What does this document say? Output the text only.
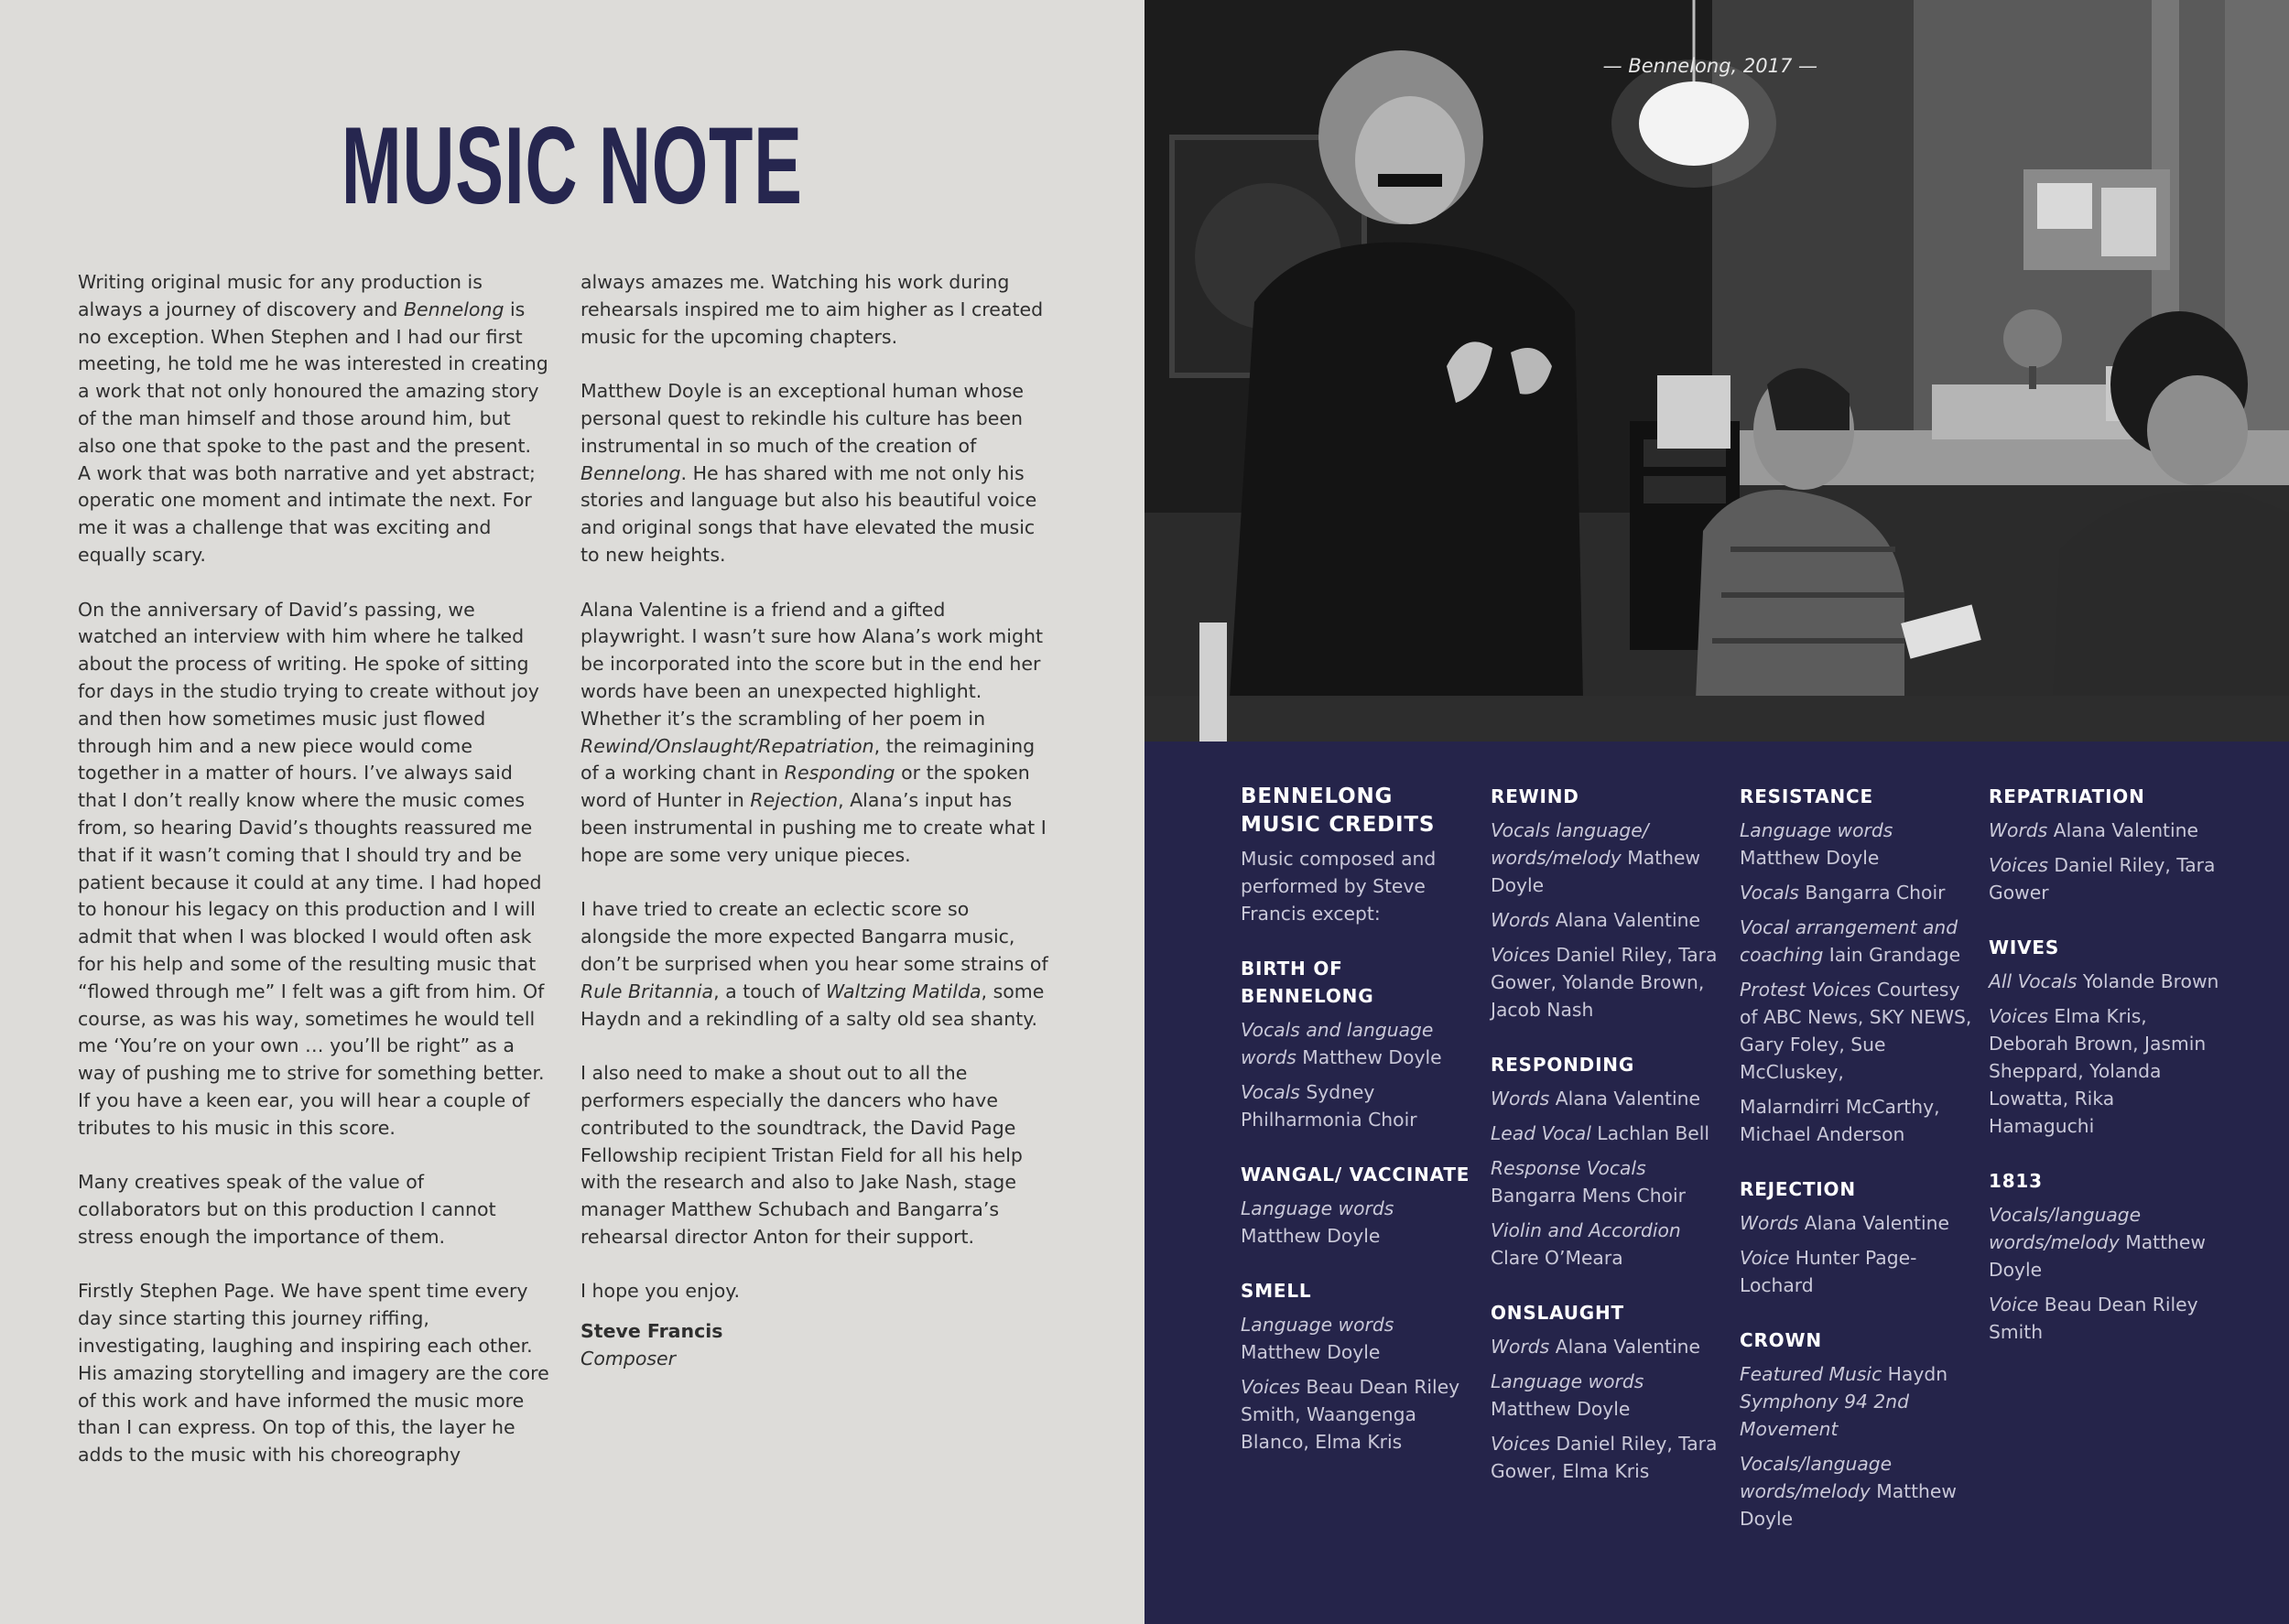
MUSIC NOTE

Writing original music for any production is always a journey of discovery and Bennelong is no exception. When Stephen and I had our first meeting, he told me he was interested in creating a work that not only honoured the amazing story of the man himself and those around him, but also one that spoke to the past and the present. A work that was both narrative and yet abstract; operatic one moment and intimate the next. For me it was a challenge that was exciting and equally scary.

On the anniversary of David’s passing, we watched an interview with him where he talked about the process of writing. He spoke of sitting for days in the studio trying to create without joy and then how sometimes music just flowed through him and a new piece would come together in a matter of hours. I’ve always said that I don’t really know where the music comes from, so hearing David’s thoughts reassured me that if it wasn’t coming that I should try and be patient because it could at any time. I had hoped to honour his legacy on this production and I will admit that when I was blocked I would often ask for his help and some of the resulting music that “flowed through me” I felt was a gift from him. Of course, as was his way, sometimes he would tell me ‘You’re on your own … you’ll be right” as a way of pushing me to strive for something better. If you have a keen ear, you will hear a couple of tributes to his music in this score.

Many creatives speak of the value of collaborators but on this production I cannot stress enough the importance of them.

Firstly Stephen Page. We have spent time every day since starting this journey riffing, investigating, laughing and inspiring each other. His amazing storytelling and imagery are the core of this work and have informed the music more than I can express. On top of this, the layer he adds to the music with his choreography

always amazes me. Watching his work during rehearsals inspired me to aim higher as I created music for the upcoming chapters.

Matthew Doyle is an exceptional human whose personal quest to rekindle his culture has been instrumental in so much of the creation of Bennelong. He has shared with me not only his stories and language but also his beautiful voice and original songs that have elevated the music to new heights.

Alana Valentine is a friend and a gifted playwright. I wasn’t sure how Alana’s work might be incorporated into the score but in the end her words have been an unexpected highlight. Whether it’s the scrambling of her poem in Rewind/Onslaught/Repatriation, the reimagining of a working chant in Responding or the spoken word of Hunter in Rejection, Alana’s input has been instrumental in pushing me to create what I hope are some very unique pieces.

I have tried to create an eclectic score so alongside the more expected Bangarra music, don’t be surprised when you hear some strains of Rule Britannia, a touch of Waltzing Matilda, some Haydn and a rekindling of a salty old sea shanty.

I also need to make a shout out to all the performers especially the dancers who have contributed to the soundtrack, the David Page Fellowship recipient Tristan Field for all his help with the research and also to Jake Nash, stage manager Matthew Schubach and Bangarra’s rehearsal director Anton for their support.

I hope you enjoy.

Steve Francis
Composer
— Bennelong, 2017 —
BENNELONG MUSIC CREDITS
Music composed and performed by Steve Francis except:
BIRTH OF BENNELONG
Vocals and language words Matthew Doyle
Vocals Sydney Philharmonia Choir
WANGAL/ VACCINATE
Language words Matthew Doyle
SMELL
Language words Matthew Doyle
Voices Beau Dean Riley Smith, Waangenga Blanco, Elma Kris
REWIND
Vocals language/ words/melody Mathew Doyle
Words Alana Valentine
Voices Daniel Riley, Tara Gower, Yolande Brown, Jacob Nash
RESPONDING
Words Alana Valentine
Lead Vocal Lachlan Bell
Response Vocals Bangarra Mens Choir
Violin and Accordion Clare O’Meara
ONSLAUGHT
Words Alana Valentine
Language words Matthew Doyle
Voices Daniel Riley, Tara Gower, Elma Kris
RESISTANCE
Language words Matthew Doyle
Vocals Bangarra Choir
Vocal arrangement and coaching Iain Grandage
Protest Voices Courtesy of ABC News, SKY NEWS, Gary Foley, Sue McCluskey,
Malarndirri McCarthy, Michael Anderson
REJECTION
Words Alana Valentine
Voice Hunter Page-Lochard
CROWN
Featured Music Haydn Symphony 94 2nd Movement
Vocals/language words/melody Matthew Doyle
REPATRIATION
Words Alana Valentine
Voices Daniel Riley, Tara Gower
WIVES
All Vocals Yolande Brown
Voices Elma Kris, Deborah Brown, Jasmin Sheppard, Yolanda Lowatta, Rika Hamaguchi
1813
Vocals/language words/melody Matthew Doyle
Voice Beau Dean Riley Smith
